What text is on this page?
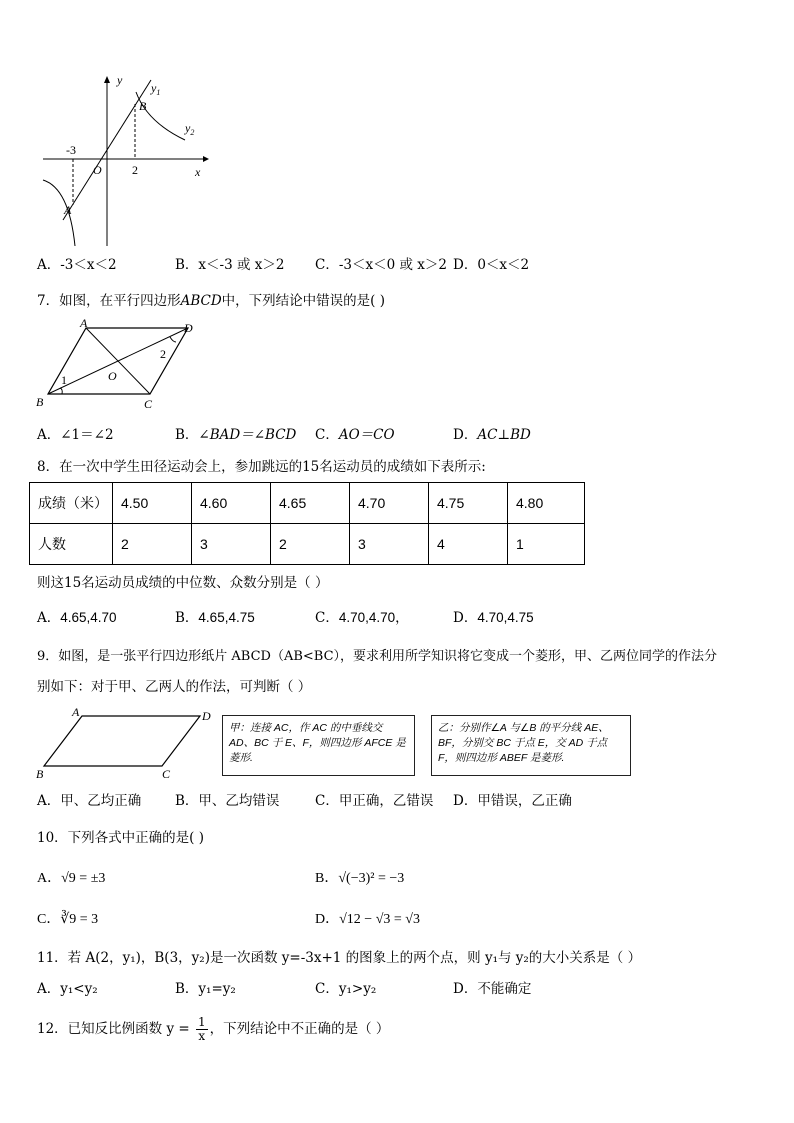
y
x
O
-3
2
A
B
$y_1$
$y_2$
A．-3＜x＜2	B．x＜-3 或 x＞2 C．-3＜x＜0 或 x＞2 D．0＜x＜2
7．如图，在平行四边形ABCD中，下列结论中错误的是( )
A	D
B	C
O
1
2
A．∠1＝∠2	B．∠BAD＝∠BCD C．AO＝CO	D．AC⊥BD
8．在一次中学生田径运动会上，参加跳远的15名运动员的成绩如下表所示:
成绩（米）	4.50	4.60	4.65	4.70	4.75	4.80
人数	2	3	2	3	4	1
则这15名运动员成绩的中位数、众数分别是（ ）
A．4.65,4.70	B．4.65,4.75	C．4.70,4.70，	D．4.70,4.75
9．如图，是一张平行四边形纸片 ABCD（AB<BC），要求利用所学知识将它变成一个菱形，甲、乙两位同学的作法分
别如下：对于甲、乙两人的作法，可判断（ ）
A	D
B	C
甲：连接 AC，作 AC 的中垂线交 AD、BC 于 E、F，则四边形 AFCE 是菱形.
乙：分别作∠A 与∠B 的平分线 AE、BF，分别交 BC 于点 E，交 AD 于点 F，则四边形 ABEF 是菱形.
A．甲、乙均正确	B．甲、乙均错误	C．甲正确，乙错误 D．甲错误，乙正确
10．下列各式中正确的是( )
A．√9 = ±3	B．√(−3)² = −3
C．∛9 = 3	D．√12 − √3 = √3
11．若 A(2，y₁)，B(3，y₂)是一次函数 y=-3x+1 的图象上的两个点，则 y₁与 y₂的大小关系是（ ）
A．y₁<y₂	B．y₁=y₂	C．y₁>y₂	D．不能确定
12．已知反比例函数 $y = \frac{1}{x}$ ，下列结论中不正确的是（ ）
